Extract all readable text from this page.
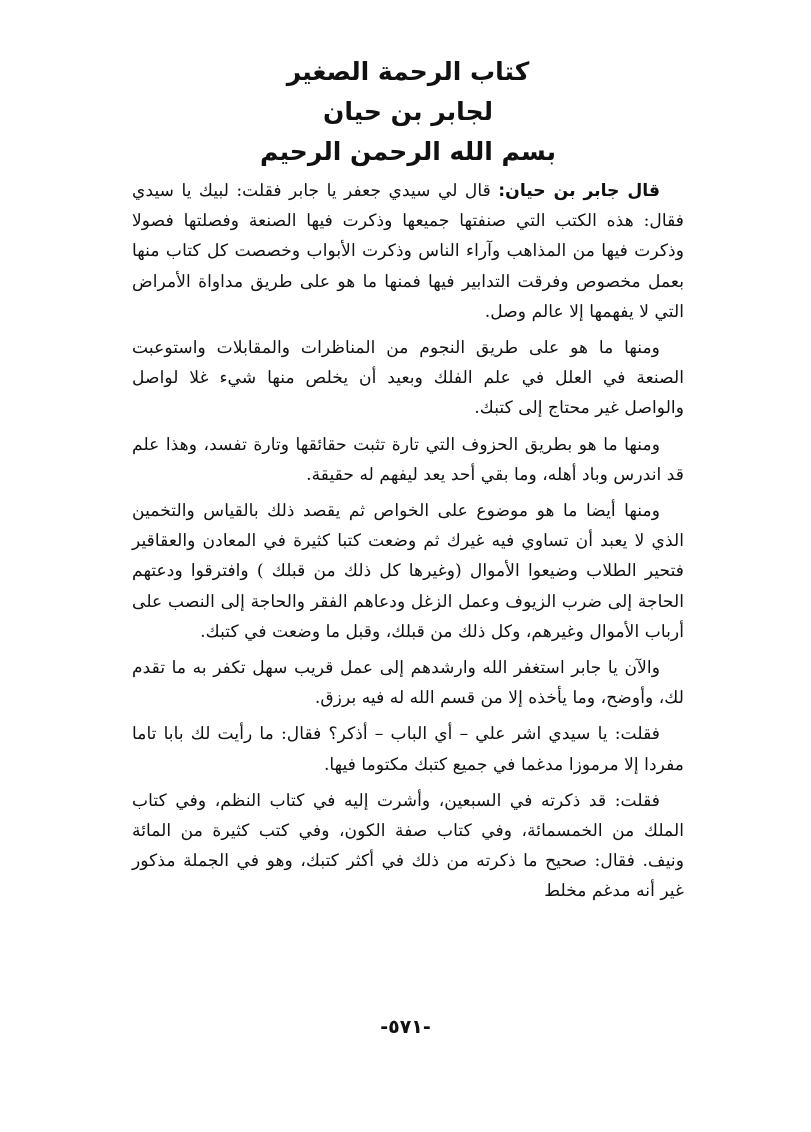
كتاب الرحمة الصغير
لجابر بن حيان
بسم الله الرحمن الرحيم

قال جابر بن حيان: قال لي سيدي جعفر يا جابر فقلت: لبيك يا سيدي فقال: هذه الكتب التي صنفتها جميعها وذكرت فيها الصنعة وفصلتها فصولا وذكرت فيها من المذاهب وآراء الناس وذكرت الأبواب وخصصت كل كتاب منها بعمل مخصوص وفرقت التدابير فيها فمنها ما هو على طريق مداواة الأمراض التي لا يفهمها إلا عالم وصل.

ومنها ما هو على طريق النجوم من المناظرات والمقابلات واستوعبت الصنعة في العلل في علم الفلك وبعيد أن يخلص منها شيء غلا لواصل والواصل غير محتاج إلى كتبك.

ومنها ما هو بطريق الحزوف التي تارة تثبت حقائقها وتارة تفسد، وهذا علم قد اندرس وباد أهله، وما بقي أحد يعد ليفهم له حقيقة.

ومنها أيضا ما هو موضوع على الخواص ثم يقصد ذلك بالقياس والتخمين الذي لا يعبد أن تساوي فيه غيرك ثم وضعت كتبا كثيرة في المعادن والعقاقير فتحير الطلاب وضيعوا الأموال (وغيرها كل ذلك من قبلك ) وافترقوا ودعتهم الحاجة إلى ضرب الزيوف وعمل الزغل ودعاهم الفقر والحاجة إلى النصب على أرباب الأموال وغيرهم، وكل ذلك من قبلك، وقبل ما وضعت في كتبك.

والآن يا جابر استغفر الله وارشدهم إلى عمل قريب سهل تكفر به ما تقدم لك، وأوضح، وما يأخذه إلا من قسم الله له فيه برزق.

فقلت: يا سيدي اشر علي – أي الباب – أذكر؟ فقال: ما رأيت لك بابا تاما مفردا إلا مرموزا مدغما في جميع كتبك مكتوما فيها.

فقلت: قد ذكرته في السبعين، وأشرت إليه في كتاب النظم، وفي كتاب الملك من الخمسمائة، وفي كتاب صفة الكون، وفي كتب كثيرة من المائة ونيف. فقال: صحيح ما ذكرته من ذلك في أكثر كتبك، وهو في الجملة مذكور غير أنه مدغم مخلط

-٥٧١-
